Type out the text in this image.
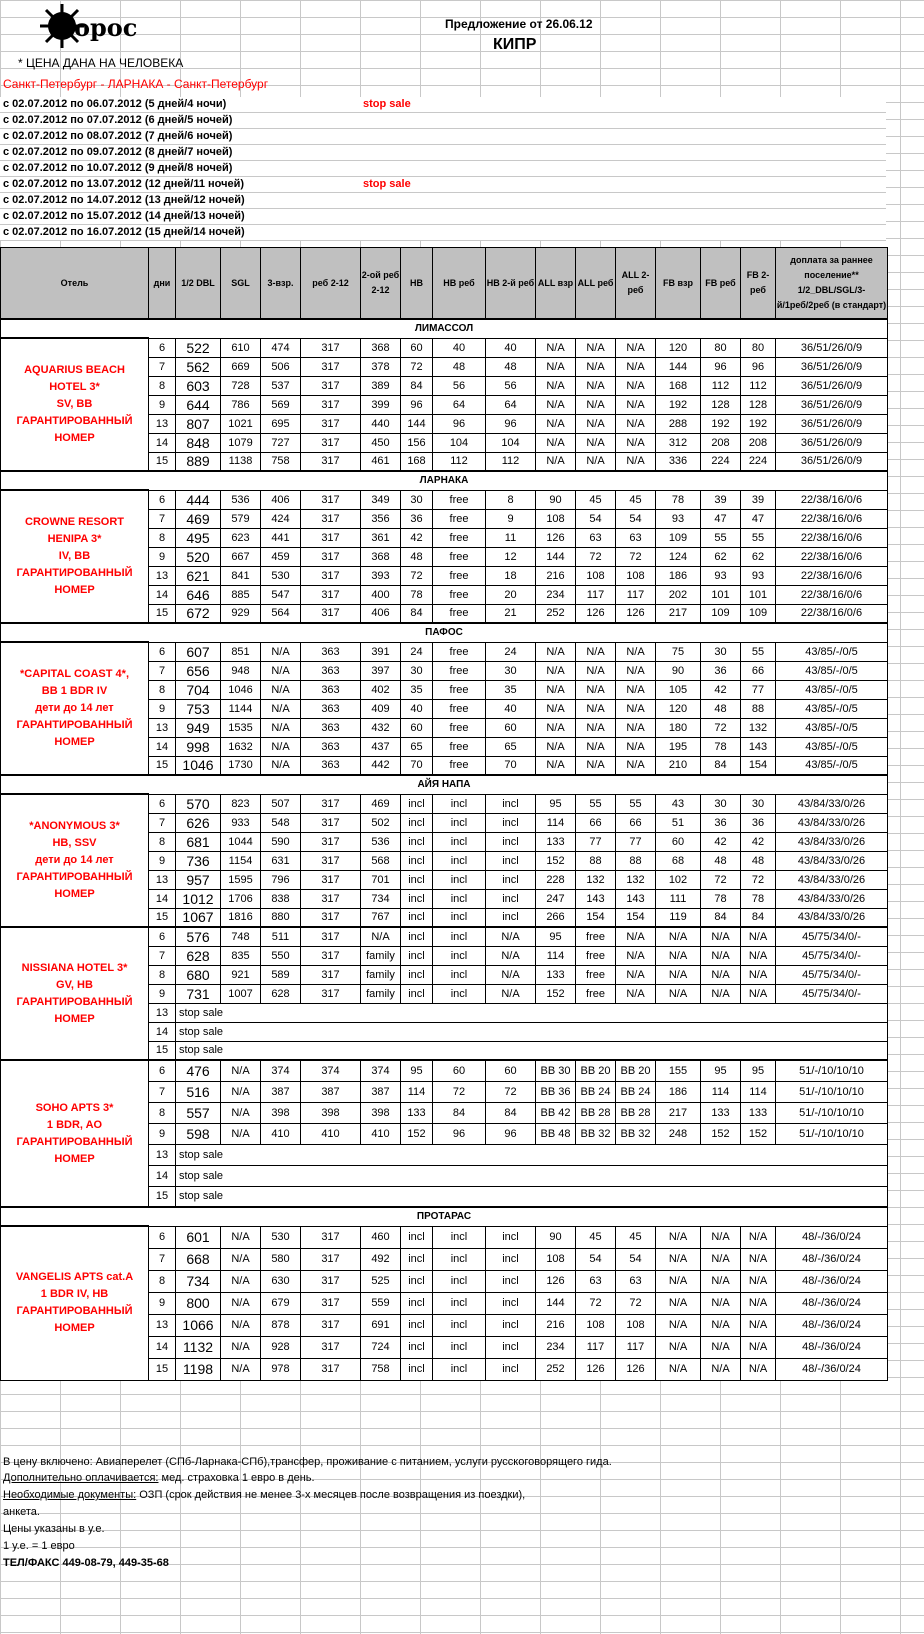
орос	Предложение от 26.06.12
КИПР
* ЦЕНА ДАНА НА ЧЕЛОВЕКА
Санкт-Петербург - ЛАРНАКА - Санкт-Петербург
с 02.07.2012 по 06.07.2012 (5 дней/4 ночи)	stop sale
с 02.07.2012 по 07.07.2012 (6 дней/5 ночей)
с 02.07.2012 по 08.07.2012 (7 дней/6 ночей)
с 02.07.2012 по 09.07.2012 (8 дней/7 ночей)
с 02.07.2012 по 10.07.2012 (9 дней/8 ночей)
с 02.07.2012 по 13.07.2012 (12 дней/11 ночей)	stop sale
с 02.07.2012 по 14.07.2012 (13 дней/12 ночей)
с 02.07.2012 по 15.07.2012 (14 дней/13 ночей)
с 02.07.2012 по 16.07.2012 (15 дней/14 ночей)
Отель	дни	1/2 DBL	SGL	3-взр.	реб 2-12	2-ой реб 2-12	HB	HB реб	HB 2-й реб	ALL взр	ALL реб	ALL 2-реб	FB взр	FB реб	FB 2-реб	доплата за раннее поселение** 1/2_DBL/SGL/3-й/1реб/2реб (в стандарт)
ЛИМАССОЛ																

AQUARIUS BEACH
HOTEL 3*
SV, BB
ГАРАНТИРОВАННЫЙ
НОМЕР	6	522	610	474	317	368	60	40	40	N/A	N/A	N/A	120	80	80	36/51/26/0/9
	7	562	669	506	317	378	72	48	48	N/A	N/A	N/A	144	96	96	36/51/26/0/9
	8	603	728	537	317	389	84	56	56	N/A	N/A	N/A	168	112	112	36/51/26/0/9
	9	644	786	569	317	399	96	64	64	N/A	N/A	N/A	192	128	128	36/51/26/0/9
	13	807	1021	695	317	440	144	96	96	N/A	N/A	N/A	288	192	192	36/51/26/0/9
	14	848	1079	727	317	450	156	104	104	N/A	N/A	N/A	312	208	208	36/51/26/0/9
	15	889	1138	758	317	461	168	112	112	N/A	N/A	N/A	336	224	224	36/51/26/0/9
ЛАРНАКА																

CROWNE RESORT
HENIPA 3*
IV, BB
ГАРАНТИРОВАННЫЙ
НОМЕР	6	444	536	406	317	349	30	free	8	90	45	45	78	39	39	22/38/16/0/6
	7	469	579	424	317	356	36	free	9	108	54	54	93	47	47	22/38/16/0/6
	8	495	623	441	317	361	42	free	11	126	63	63	109	55	55	22/38/16/0/6
	9	520	667	459	317	368	48	free	12	144	72	72	124	62	62	22/38/16/0/6
	13	621	841	530	317	393	72	free	18	216	108	108	186	93	93	22/38/16/0/6
	14	646	885	547	317	400	78	free	20	234	117	117	202	101	101	22/38/16/0/6
	15	672	929	564	317	406	84	free	21	252	126	126	217	109	109	22/38/16/0/6
ПАФОС																

*CAPITAL COAST 4*,
BB 1 BDR IV
дети до 14 лет
ГАРАНТИРОВАННЫЙ
НОМЕР	6	607	851	N/A	363	391	24	free	24	N/A	N/A	N/A	75	30	55	43/85/-/0/5
	7	656	948	N/A	363	397	30	free	30	N/A	N/A	N/A	90	36	66	43/85/-/0/5
	8	704	1046	N/A	363	402	35	free	35	N/A	N/A	N/A	105	42	77	43/85/-/0/5
	9	753	1144	N/A	363	409	40	free	40	N/A	N/A	N/A	120	48	88	43/85/-/0/5
	13	949	1535	N/A	363	432	60	free	60	N/A	N/A	N/A	180	72	132	43/85/-/0/5
	14	998	1632	N/A	363	437	65	free	65	N/A	N/A	N/A	195	78	143	43/85/-/0/5
	15	1046	1730	N/A	363	442	70	free	70	N/A	N/A	N/A	210	84	154	43/85/-/0/5
АЙЯ НАПА																

*ANONYMOUS 3*
HB, SSV
дети до 14 лет
ГАРАНТИРОВАННЫЙ
НОМЕР	6	570	823	507	317	469	incl	incl	incl	95	55	55	43	30	30	43/84/33/0/26
	7	626	933	548	317	502	incl	incl	incl	114	66	66	51	36	36	43/84/33/0/26
	8	681	1044	590	317	536	incl	incl	incl	133	77	77	60	42	42	43/84/33/0/26
	9	736	1154	631	317	568	incl	incl	incl	152	88	88	68	48	48	43/84/33/0/26
	13	957	1595	796	317	701	incl	incl	incl	228	132	132	102	72	72	43/84/33/0/26
	14	1012	1706	838	317	734	incl	incl	incl	247	143	143	111	78	78	43/84/33/0/26
	15	1067	1816	880	317	767	incl	incl	incl	266	154	154	119	84	84	43/84/33/0/26

NISSIANA HOTEL 3*
GV, HB
ГАРАНТИРОВАННЫЙ
НОМЕР	6	576	748	511	317	N/A	incl	incl	N/A	95	free	N/A	N/A	N/A	N/A	45/75/34/0/-
	7	628	835	550	317	family	incl	incl	N/A	114	free	N/A	N/A	N/A	N/A	45/75/34/0/-
	8	680	921	589	317	family	incl	incl	N/A	133	free	N/A	N/A	N/A	N/A	45/75/34/0/-
	9	731	1007	628	317	family	incl	incl	N/A	152	free	N/A	N/A	N/A	N/A	45/75/34/0/-
	13	stop sale														
	14	stop sale														
	15	stop sale														

SOHO APTS 3*
1 BDR, AO
ГАРАНТИРОВАННЫЙ
НОМЕР	6	476	N/A	374	374	374	95	60	60	BB 30	BB 20	BB 20	155	95	95	51/-/10/10/10
	7	516	N/A	387	387	387	114	72	72	BB 36	BB 24	BB 24	186	114	114	51/-/10/10/10
	8	557	N/A	398	398	398	133	84	84	BB 42	BB 28	BB 28	217	133	133	51/-/10/10/10
	9	598	N/A	410	410	410	152	96	96	BB 48	BB 32	BB 32	248	152	152	51/-/10/10/10
	13	stop sale														
	14	stop sale														
	15	stop sale														
ПРОТАРАС																

VANGELIS APTS cat.A
1 BDR IV, HB
ГАРАНТИРОВАННЫЙ
НОМЕР	6	601	N/A	530	317	460	incl	incl	incl	90	45	45	N/A	N/A	N/A	48/-/36/0/24
	7	668	N/A	580	317	492	incl	incl	incl	108	54	54	N/A	N/A	N/A	48/-/36/0/24
	8	734	N/A	630	317	525	incl	incl	incl	126	63	63	N/A	N/A	N/A	48/-/36/0/24
	9	800	N/A	679	317	559	incl	incl	incl	144	72	72	N/A	N/A	N/A	48/-/36/0/24
	13	1066	N/A	878	317	691	incl	incl	incl	216	108	108	N/A	N/A	N/A	48/-/36/0/24
	14	1132	N/A	928	317	724	incl	incl	incl	234	117	117	N/A	N/A	N/A	48/-/36/0/24
	15	1198	N/A	978	317	758	incl	incl	incl	252	126	126	N/A	N/A	N/A	48/-/36/0/24
В цену включено: Авиаперелет (СПб-Ларнака-СПб),трансфер, проживание с питанием, услуги русскоговорящего гида.
Дополнительно оплачивается: мед. страховка 1 евро в день.
Необходимые документы: ОЗП (срок действия не менее 3-х месяцев после возвращения из поездки),
анкета.
Цены указаны в у.е.
1 у.е. = 1 евро
ТЕЛ/ФАКС 449-08-79, 449-35-68
